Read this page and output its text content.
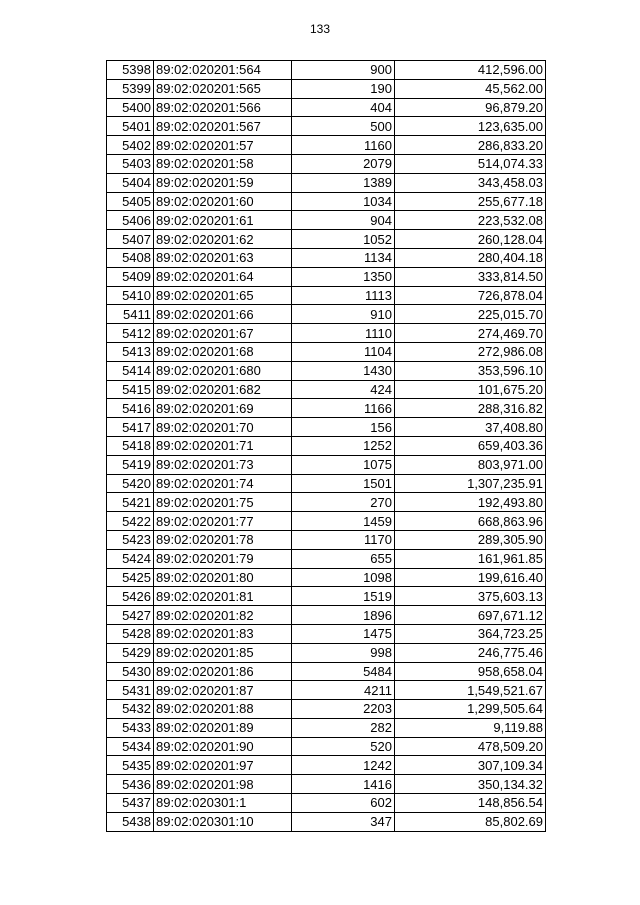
133
5398	89:02:020201:564	900	412,596.00
5399	89:02:020201:565	190	45,562.00
5400	89:02:020201:566	404	96,879.20
5401	89:02:020201:567	500	123,635.00
5402	89:02:020201:57	1160	286,833.20
5403	89:02:020201:58	2079	514,074.33
5404	89:02:020201:59	1389	343,458.03
5405	89:02:020201:60	1034	255,677.18
5406	89:02:020201:61	904	223,532.08
5407	89:02:020201:62	1052	260,128.04
5408	89:02:020201:63	1134	280,404.18
5409	89:02:020201:64	1350	333,814.50
5410	89:02:020201:65	1113	726,878.04
5411	89:02:020201:66	910	225,015.70
5412	89:02:020201:67	1110	274,469.70
5413	89:02:020201:68	1104	272,986.08
5414	89:02:020201:680	1430	353,596.10
5415	89:02:020201:682	424	101,675.20
5416	89:02:020201:69	1166	288,316.82
5417	89:02:020201:70	156	37,408.80
5418	89:02:020201:71	1252	659,403.36
5419	89:02:020201:73	1075	803,971.00
5420	89:02:020201:74	1501	1,307,235.91
5421	89:02:020201:75	270	192,493.80
5422	89:02:020201:77	1459	668,863.96
5423	89:02:020201:78	1170	289,305.90
5424	89:02:020201:79	655	161,961.85
5425	89:02:020201:80	1098	199,616.40
5426	89:02:020201:81	1519	375,603.13
5427	89:02:020201:82	1896	697,671.12
5428	89:02:020201:83	1475	364,723.25
5429	89:02:020201:85	998	246,775.46
5430	89:02:020201:86	5484	958,658.04
5431	89:02:020201:87	4211	1,549,521.67
5432	89:02:020201:88	2203	1,299,505.64
5433	89:02:020201:89	282	9,119.88
5434	89:02:020201:90	520	478,509.20
5435	89:02:020201:97	1242	307,109.34
5436	89:02:020201:98	1416	350,134.32
5437	89:02:020301:1	602	148,856.54
5438	89:02:020301:10	347	85,802.69
